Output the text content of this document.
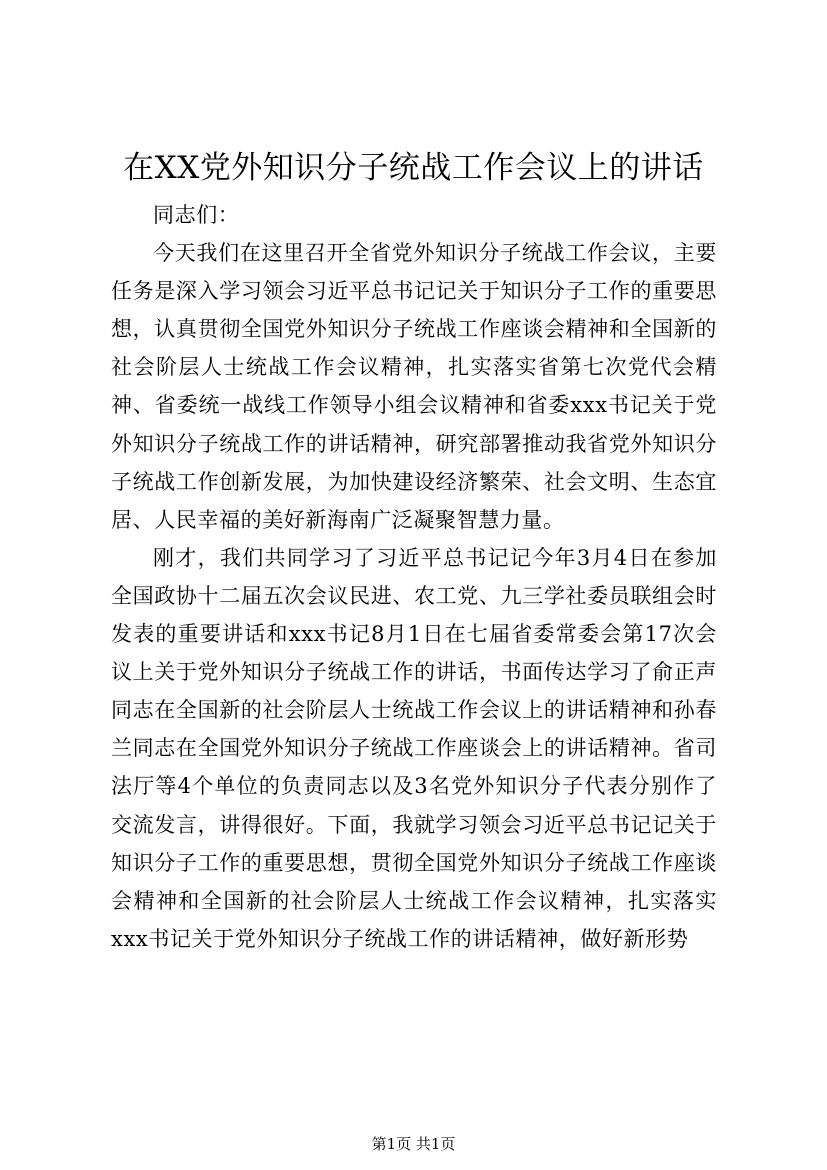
在XX党外知识分子统战工作会议上的讲话

同志们：

今天我们在这里召开全省党外知识分子统战工作会议，主要任务是深入学习领会习近平总书记记关于知识分子工作的重要思想，认真贯彻全国党外知识分子统战工作座谈会精神和全国新的社会阶层人士统战工作会议精神，扎实落实省第七次党代会精神、省委统一战线工作领导小组会议精神和省委xxx书记关于党外知识分子统战工作的讲话精神，研究部署推动我省党外知识分子统战工作创新发展，为加快建设经济繁荣、社会文明、生态宜居、人民幸福的美好新海南广泛凝聚智慧力量。

刚才，我们共同学习了习近平总书记记今年3月4日在参加全国政协十二届五次会议民进、农工党、九三学社委员联组会时发表的重要讲话和xxx书记8月1日在七届省委常委会第17次会议上关于党外知识分子统战工作的讲话，书面传达学习了俞正声同志在全国新的社会阶层人士统战工作会议上的讲话精神和孙春兰同志在全国党外知识分子统战工作座谈会上的讲话精神。省司法厅等4个单位的负责同志以及3名党外知识分子代表分别作了交流发言，讲得很好。下面，我就学习领会习近平总书记记关于知识分子工作的重要思想，贯彻全国党外知识分子统战工作座谈会精神和全国新的社会阶层人士统战工作会议精神，扎实落实xxx书记关于党外知识分子统战工作的讲话精神，做好新形势

第1页 共1页
